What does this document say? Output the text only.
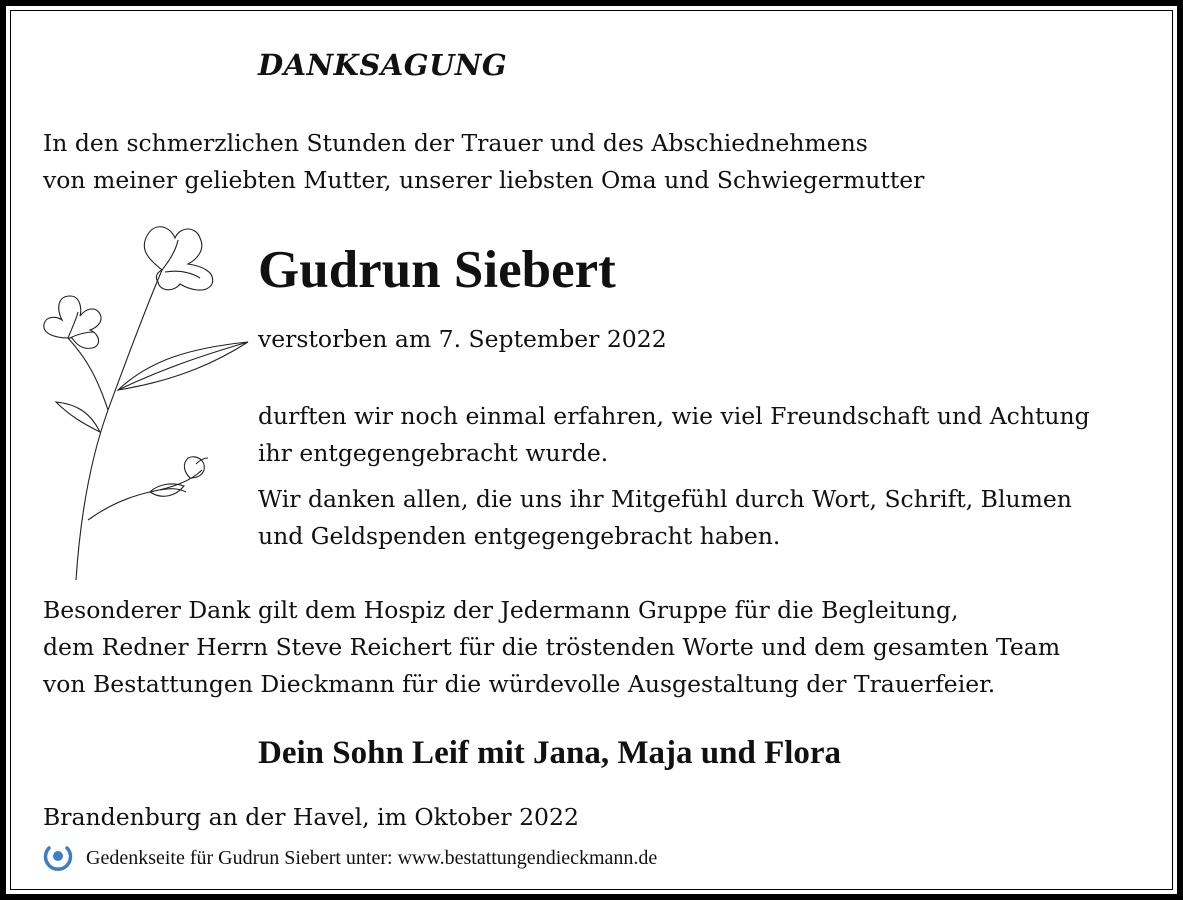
DANKSAGUNG
In den schmerzlichen Stunden der Trauer und des Abschiednehmens
von meiner geliebten Mutter, unserer liebsten Oma und Schwiegermutter
Gudrun Siebert
verstorben am 7. September 2022
durften wir noch einmal erfahren, wie viel Freundschaft und Achtung
ihr entgegengebracht wurde.
Wir danken allen, die uns ihr Mitgefühl durch Wort, Schrift, Blumen
und Geldspenden entgegengebracht haben.
Besonderer Dank gilt dem Hospiz der Jedermann Gruppe für die Begleitung,
dem Redner Herrn Steve Reichert für die tröstenden Worte und dem gesamten Team
von Bestattungen Dieckmann für die würdevolle Ausgestaltung der Trauerfeier.
Dein Sohn Leif mit Jana, Maja und Flora
Brandenburg an der Havel, im Oktober 2022
Gedenkseite für Gudrun Siebert unter: www.bestattungendieckmann.de
